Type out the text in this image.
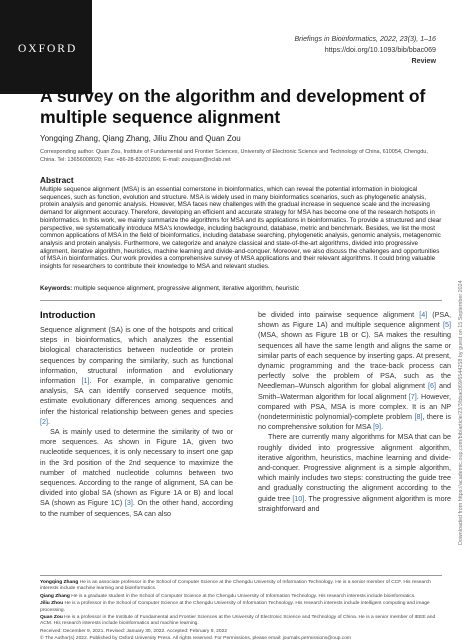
OXFORD
Briefings in Bioinformatics, 2022, 23(3), 1–16
https://doi.org/10.1093/bib/bbac069
Review
A survey on the algorithm and development of multiple sequence alignment
Yongqing Zhang, Qiang Zhang, Jiliu Zhou and Quan Zou
Corresponding author. Quan Zou, Institute of Fundamental and Frontier Sciences, University of Electronic Science and Technology of China, 610054, Chengdu, China. Tel: 13656008020; Fax: +86-28-83201896; E-mail: zouquan@nclab.net
Abstract
Multiple sequence alignment (MSA) is an essential cornerstone in bioinformatics, which can reveal the potential information in biological sequences, such as function, evolution and structure. MSA is widely used in many bioinformatics scenarios, such as phylogenetic analysis, protein analysis and genomic analysis. However, MSA faces new challenges with the gradual increase in sequence scale and the increasing demand for alignment accuracy. Therefore, developing an efficient and accurate strategy for MSA has become one of the research hotspots in bioinformatics. In this work, we mainly summarize the algorithms for MSA and its applications in bioinformatics. To provide a structured and clear perspective, we systematically introduce MSA's knowledge, including background, database, metric and benchmark. Besides, we list the most common applications of MSA in the field of bioinformatics, including database searching, phylogenetic analysis, genomic analysis, metagenomic analysis and protein analysis. Furthermore, we categorize and analyze classical and state-of-the-art algorithms, divided into progressive alignment, iterative algorithm, heuristics, machine learning and divide-and-conquer. Moreover, we also discuss the challenges and opportunities of MSA in bioinformatics. Our work provides a comprehensive survey of MSA applications and their relevant algorithms. It could bring valuable insights for researchers to contribute their knowledge to MSA and relevant studies.
Keywords: multiple sequence alignment, progressive alignment, iterative algorithm, heuristic
Introduction

Sequence alignment (SA) is one of the hotspots and critical steps in bioinformatics, which analyzes the essential biological characteristics between nucleotide or protein sequences by comparing the similarity, such as functional information, structural information and evolutionary information [1]. For example, in comparative genomic analysis, SA can identify conserved sequence motifs, estimate evolutionary differences among sequences and infer the historical relationship between genes and species [2].

SA is mainly used to determine the similarity of two or more sequences. As shown in Figure 1A, given two nucleotide sequences, it is only necessary to insert one gap in the 3rd position of the 2nd sequence to maximize the number of matched nucleotide columns between two sequences. According to the range of alignment, SA can be divided into global SA (shown as Figure 1A or B) and local SA (shown as Figure 1C) [3]. On the other hand, according to the number of sequences, SA can also

be divided into pairwise sequence alignment [4] (PSA, shown as Figure 1A) and multiple sequence alignment [5] (MSA, shown as Figure 1B or C). SA makes the resulting sequences all have the same length and aligns the same or similar parts of each sequence by inserting gaps. At present, dynamic programming and the trace-back process can perfectly solve the problem of PSA, such as the Needleman–Wunsch algorithm for global alignment [6] and Smith–Waterman algorithm for local alignment [7]. However, compared with PSA, MSA is more complex. It is an NP (nondeterministic polynomial)-complete problem [8], there is no comprehensive solution for MSA [9].

There are currently many algorithms for MSA that can be roughly divided into progressive alignment algorithm, iterative algorithm, heuristics, machine learning and divide-and-conquer. Progressive alignment is a simple algorithm, which mainly includes two steps: constructing the guide tree and gradually constructing the alignment according to the guide tree [10]. The progressive alignment algorithm is more straightforward and

Yongqing Zhang He is an associate professor in the School of Computer Science at the Chengdu University of Information Technology. He is a senior member of CCF. His research interests include machine learning and bioinformatics.

Qiang Zhang He is a graduate student in the School of Computer Science at the Chengdu University of Information Technology. His research interests include bioinformatics.

Jiliu Zhou He is a professor in the School of Computer Science at the Chengdu University of Information Technology. His research interests include intelligent computing and image processing.

Quan Zou He is a professor in the Institute of Fundamental and Frontier Sciences at the University of Electronic Science and Technology of China. He is a senior member of IEEE and ACM. His research interests include bioinformatics and machine learning.

Received: December 9, 2021. Revised: January 30, 2022. Accepted: February 9, 2022

© The Author(s) 2022. Published by Oxford University Press. All rights reserved. For Permissions, please email: journals.permissions@oup.com

Downloaded from https://academic.oup.com/bib/article/23/3/bbac069/6544258 by guest on 15 September 2024
